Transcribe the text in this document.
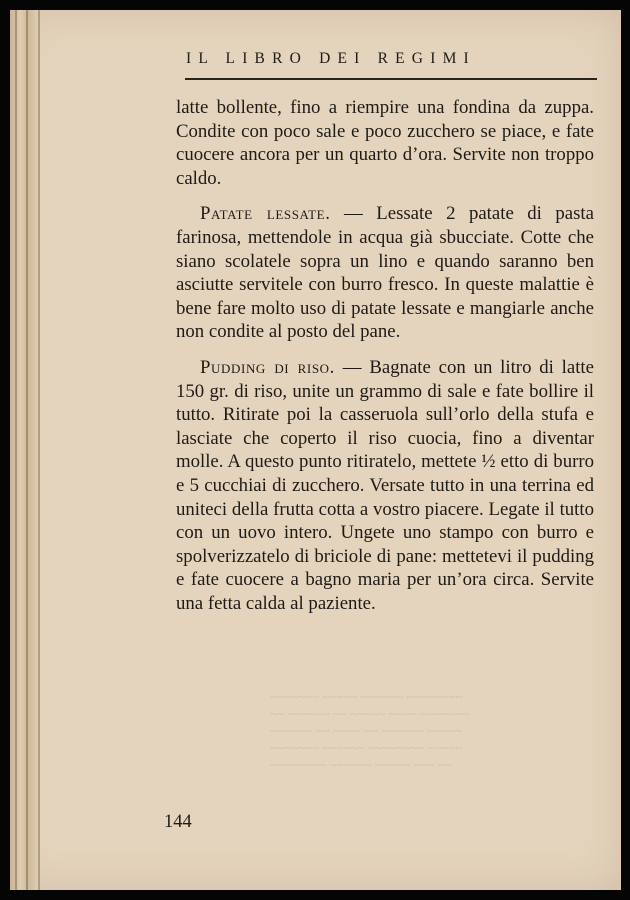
~~~~~~~ ~~~~~ ~~~~~~ ~~~~~~~~
~~ ~~~~~~ ~~ ~~~~~ ~~~~ ~~~~~~~
~~~~~~ ~~ ~~~~ ~~ ~~~~~~ ~~~~~
~~~~~~~ ~~~~~~ ~~~~~~~~ ~~~~~
~~~~~~~~ ~~~~~~ ~~~~~ ~~~ ~~
IL LIBRO DEI REGIMI

latte bollente, fino a riempire una fondina da zuppa. Condite con poco sale e poco zucchero se piace, e fate cuocere ancora per un quarto d’ora. Servite non troppo caldo.

Patate lessate. — Lessate 2 patate di pasta farinosa, mettendole in acqua già sbucciate. Cotte che siano scolatele sopra un lino e quando saranno ben asciutte servitele con burro fresco. In queste malattie è bene fare molto uso di patate lessate e mangiarle anche non condite al posto del pane.

Pudding di riso. — Bagnate con un litro di latte 150 gr. di riso, unite un grammo di sale e fate bollire il tutto. Ritirate poi la casseruola sull’orlo della stufa e lasciate che coperto il riso cuocia, fino a diventar molle. A questo punto ritiratelo, mettete ½ etto di burro e 5 cucchiai di zucchero. Versate tutto in una terrina ed uniteci della frutta cotta a vostro piacere. Legate il tutto con un uovo intero. Ungete uno stampo con burro e spolverizzatelo di briciole di pane: mettetevi il pudding e fate cuocere a bagno maria per un’ora circa. Servite una fetta calda al paziente.

144
